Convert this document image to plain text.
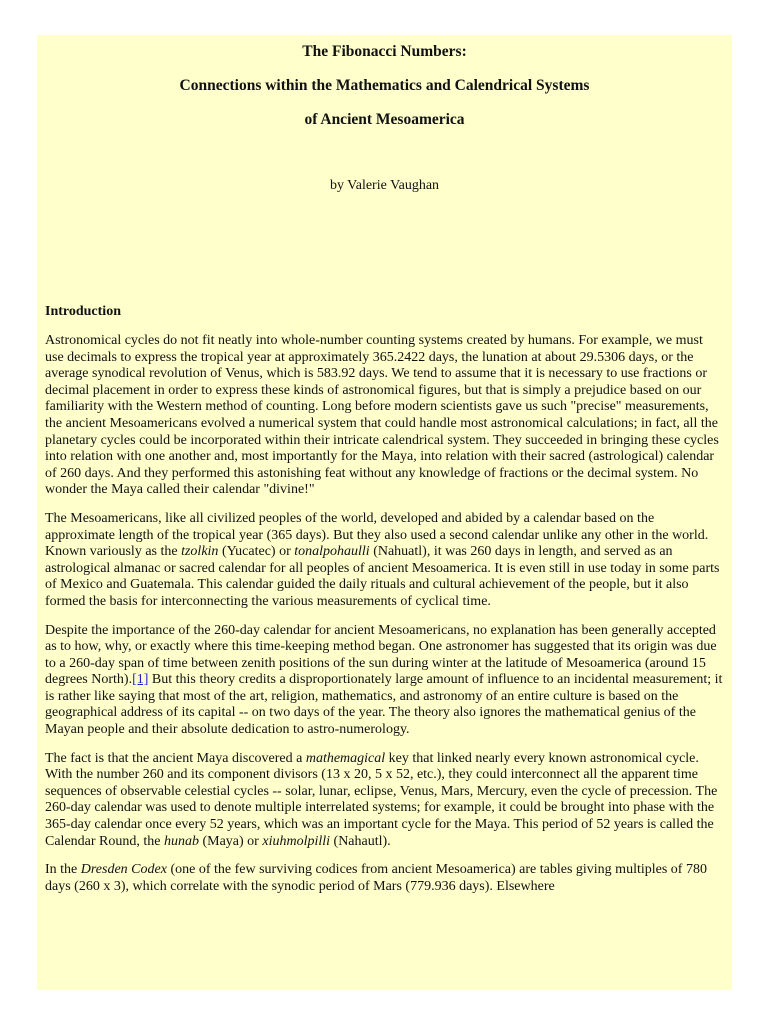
The Fibonacci Numbers:

Connections within the Mathematics and Calendrical Systems

of Ancient Mesoamerica

by Valerie Vaughan
Introduction

Astronomical cycles do not fit neatly into whole-number counting systems created by humans. For example, we must use decimals to express the tropical year at approximately 365.2422 days, the lunation at about 29.5306 days, or the average synodical revolution of Venus, which is 583.92 days. We tend to assume that it is necessary to use fractions or decimal placement in order to express these kinds of astronomical figures, but that is simply a prejudice based on our familiarity with the Western method of counting. Long before modern scientists gave us such "precise" measurements, the ancient Mesoamericans evolved a numerical system that could handle most astronomical calculations; in fact, all the planetary cycles could be incorporated within their intricate calendrical system. They succeeded in bringing these cycles into relation with one another and, most importantly for the Maya, into relation with their sacred (astrological) calendar of 260 days. And they performed this astonishing feat without any knowledge of fractions or the decimal system. No wonder the Maya called their calendar "divine!"

The Mesoamericans, like all civilized peoples of the world, developed and abided by a calendar based on the approximate length of the tropical year (365 days). But they also used a second calendar unlike any other in the world. Known variously as the tzolkin (Yucatec) or tonalpohaulli (Nahuatl), it was 260 days in length, and served as an astrological almanac or sacred calendar for all peoples of ancient Mesoamerica. It is even still in use today in some parts of Mexico and Guatemala. This calendar guided the daily rituals and cultural achievement of the people, but it also formed the basis for interconnecting the various measurements of cyclical time.

Despite the importance of the 260-day calendar for ancient Mesoamericans, no explanation has been generally accepted as to how, why, or exactly where this time-keeping method began. One astronomer has suggested that its origin was due to a 260-day span of time between zenith positions of the sun during winter at the latitude of Mesoamerica (around 15 degrees North).[1] But this theory credits a disproportionately large amount of influence to an incidental measurement; it is rather like saying that most of the art, religion, mathematics, and astronomy of an entire culture is based on the geographical address of its capital -- on two days of the year. The theory also ignores the mathematical genius of the Mayan people and their absolute dedication to astro-numerology.

The fact is that the ancient Maya discovered a mathemagical key that linked nearly every known astronomical cycle. With the number 260 and its component divisors (13 x 20, 5 x 52, etc.), they could interconnect all the apparent time sequences of observable celestial cycles -- solar, lunar, eclipse, Venus, Mars, Mercury, even the cycle of precession. The 260-day calendar was used to denote multiple interrelated systems; for example, it could be brought into phase with the 365-day calendar once every 52 years, which was an important cycle for the Maya. This period of 52 years is called the Calendar Round, the hunab (Maya) or xiuhmolpilli (Nahautl).

In the Dresden Codex (one of the few surviving codices from ancient Mesoamerica) are tables giving multiples of 780 days (260 x 3), which correlate with the synodic period of Mars (779.936 days). Elsewhere
